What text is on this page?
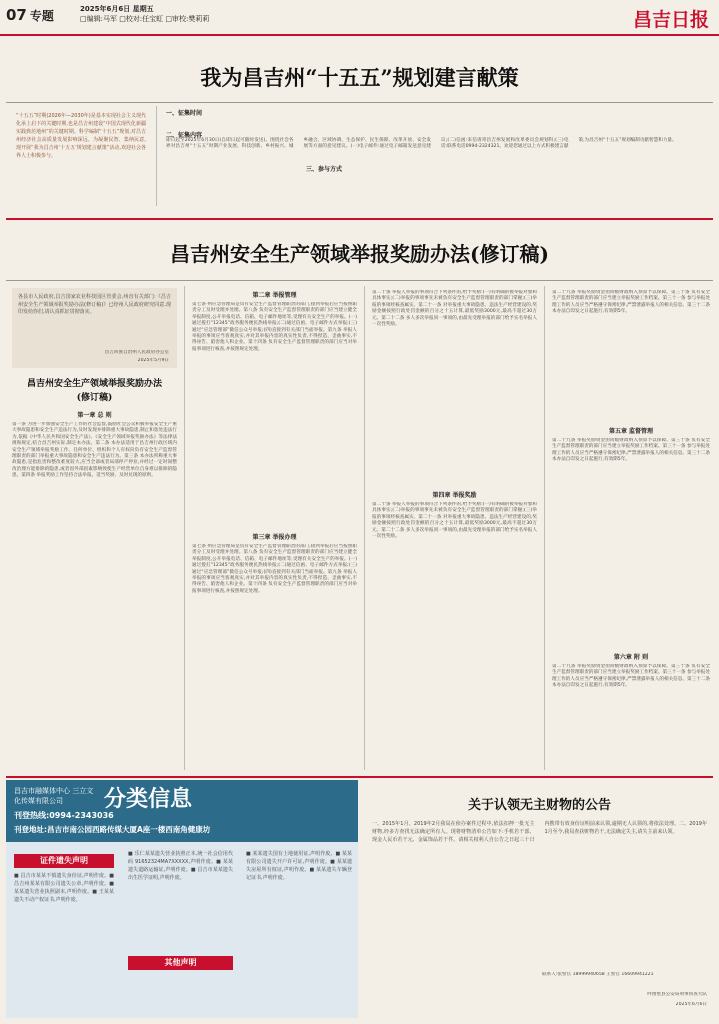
07 专题	2025年6月6日 星期五
□编辑:马军 □校对:任宝虹 □审校:樊莉莉	昌吉日报
我为昌吉州“十五五”规划建言献策
“十五五”时期(2026年—2030年)是基本实现社会主义现代化承上启下的关键时期,也是昌吉州建设“中国式现代化新疆实践典范地州”的关键时期。科学编制“十五五”规划,对昌吉州经济社会高质量发展影响深远。为凝聚民智、集纳民意,现开展“我为昌吉州‘十五五’规划建言献策”活动,欢迎社会各界人士积极参与。
一、征集时间
二、征集内容
三、参与方式
即日起至2025年6月30日(自即日起可随时发送)。围绕社会各界对昌吉州“十五五”时期产业发展、科技创新、乡村振兴、城乡融合、区域协调、生态保护、民生保障、改革开放、安全发展等方面的意见建议。(一)电子邮件:通过电子邮箱发送意见建议;(二)信函:来信请寄昌吉州发展和改革委员会规划科;(三)电话:联系电话0994-2324321。欢迎您通过以上方式积极建言献策,为昌吉州“十五五”规划编制贡献智慧和力量。
昌吉州安全生产领域举报奖励办法(修订稿)
各县市人民政府,昌吉国家农业科技园区管委会,州直有关部门:《昌吉州安全生产领域举报奖励办法(修订稿)》已经州人民政府研究同意,现印发给你们,请认真抓好贯彻落实。
昌吉回族自治州人民政府办公室
2025年5月9日
昌吉州安全生产领域举报奖励办法
(修订稿)
第一章 总 则
第一条 为进一步加强安全生产工作的社会监督,鼓励社会公众积极举报安全生产重大事故隐患和安全生产违法行为,及时发现并排除重大事故隐患,制止和惩处违法行为,依据《中华人民共和国安全生产法》、《安全生产领域举报奖励办法》等法律法规和规定,结合昌吉州实际,制定本办法。第二条 本办法适用于昌吉州行政区域内安全生产领域举报奖励工作。任何单位、组织和个人有权向负有安全生产监督管理职责的部门举报重大事故隐患和安全生产违法行为。第三条 本办法所称重大事故隐患,是指危害和整改难度较大,应当全部或者局部停产停业,并经过一定时间整改治理方能排除的隐患,或者因外部因素影响致使生产经营单位自身难以排除的隐患。第四条 举报奖励工作坚持合法举报、适当奖励、及时兑现的原则。
第二章 举报管理
第七条 州应急管理局是负有安全生产监督管理职责的部门,接到举报后应当按照职责分工及时受理并处理。第八条 负有安全生产监督管理职责的部门应当建立健全举报制度,公开举报电话、信箱、电子邮件地址等,受理有关安全生产的举报。(一)通过拨打“12345”政务服务便民热线举报;(二)通过信函、电子邮件方式举报;(三)通过“应急管理部”微信公众号举报;(四)直接到有关部门当面举报。第九条 举报人举报的事项应当客观真实,并对其举报内容的真实性负责,不得捏造、歪曲事实,不得诬告、陷害他人和企业。第十四条 负有安全生产监督管理职责的部门应当对举报事项进行核查,并按照规定处理。
第三章 举报办理
第七条 州应急管理局是负有安全生产监督管理职责的部门,接到举报后应当按照职责分工及时受理并处理。第八条 负有安全生产监督管理职责的部门应当建立健全举报制度,公开举报电话、信箱、电子邮件地址等,受理有关安全生产的举报。(一)通过拨打“12345”政务服务便民热线举报;(二)通过信函、电子邮件方式举报;(三)通过“应急管理部”微信公众号举报;(四)直接到有关部门当面举报。第九条 举报人举报的事项应当客观真实,并对其举报内容的真实性负责,不得捏造、歪曲事实,不得诬告、陷害他人和企业。第十四条 负有安全生产监督管理职责的部门应当对举报事项进行核查,并按照规定处理。
第二十条 举报人举报的事项符合下列条件的,给予奖励:(一)有明确的被举报对象和具体事实;(二)举报的事项事先未被负有安全生产监督管理职责的部门掌握;(三)举报的事项经核查属实。第二十一条 对举报重大事故隐患、违法生产经营建设的,奖励金额按照行政处罚金额的百分之十五计算,最低奖励3000元,最高不超过30万元。第二十二条 多人多次举报同一事项的,由最先受理举报的部门给予实名举报人一次性奖励。
第四章 举报奖励
第二十条 举报人举报的事项符合下列条件的,给予奖励:(一)有明确的被举报对象和具体事实;(二)举报的事项事先未被负有安全生产监督管理职责的部门掌握;(三)举报的事项经核查属实。第二十一条 对举报重大事故隐患、违法生产经营建设的,奖励金额按照行政处罚金额的百分之十五计算,最低奖励3000元,最高不超过30万元。第二十二条 多人多次举报同一事项的,由最先受理举报的部门给予实名举报人一次性奖励。
第二十九条 举报奖励资金由同级财政纳入预算予以保障。第三十条 负有安全生产监督管理职责的部门应当建立举报奖励工作档案。第三十一条 参与举报处理工作的人员应当严格遵守保密纪律,严禁泄露举报人的相关信息。第三十二条 本办法自印发之日起施行,有效期5年。
第五章 监督管理
第二十九条 举报奖励资金由同级财政纳入预算予以保障。第三十条 负有安全生产监督管理职责的部门应当建立举报奖励工作档案。第三十一条 参与举报处理工作的人员应当严格遵守保密纪律,严禁泄露举报人的相关信息。第三十二条 本办法自印发之日起施行,有效期5年。
第六章 附 则
第二十九条 举报奖励资金由同级财政纳入预算予以保障。第三十条 负有安全生产监督管理职责的部门应当建立举报奖励工作档案。第三十一条 参与举报处理工作的人员应当严格遵守保密纪律,严禁泄露举报人的相关信息。第三十二条 本办法自印发之日起施行,有效期5年。
昌吉市融媒体中心 三立文化传媒有限公司	分类信息
刊登热线:0994-2343036
刊登地址:昌吉市南公园西路传媒大厦A座一楼西南角健康坊
证件遗失声明
■ 昌吉市某某不慎遗失身份证,声明作废。■ 昌吉州某某有限公司遗失公章,声明作废。■ 某某遗失营业执照副本,声明作废。■ 王某某遗失不动产权证书,声明作废。
■ 乐仁某某遗失营业执照正本,统一社会信用代码 91652324MA7XXXXX,声明作废。■ 某某遗失道路运输证,声明作废。■ 昌吉市某某遗失出生医学证明,声明作废。
其他声明
■ 某某遗失国有土地使用证,声明作废。■ 某某有限公司遗失开户许可证,声明作废。■ 某某遗失房屋所有权证,声明作废。■ 某某遗失车辆登记证书,声明作废。
关于认领无主财物的公告
一、2015年1月、2019年2月我局在侦办案件过程中,依法扣押一批无主财物,经多方查找无法确定所有人。现将财物清单公告如下:手机若干部、现金人民币若干元、金属饰品若干件。请相关权利人自公告之日起三十日内携带有效身份证明前来认领,逾期无人认领的,将依法处理。二、2019年1月至今,我局查获赃物若干,无法确定失主,请失主前来认领。
联系人:张警官 18999940658 王警官 16609941221
呼图壁县公安局刑事侦查大队
2025年6月6日
